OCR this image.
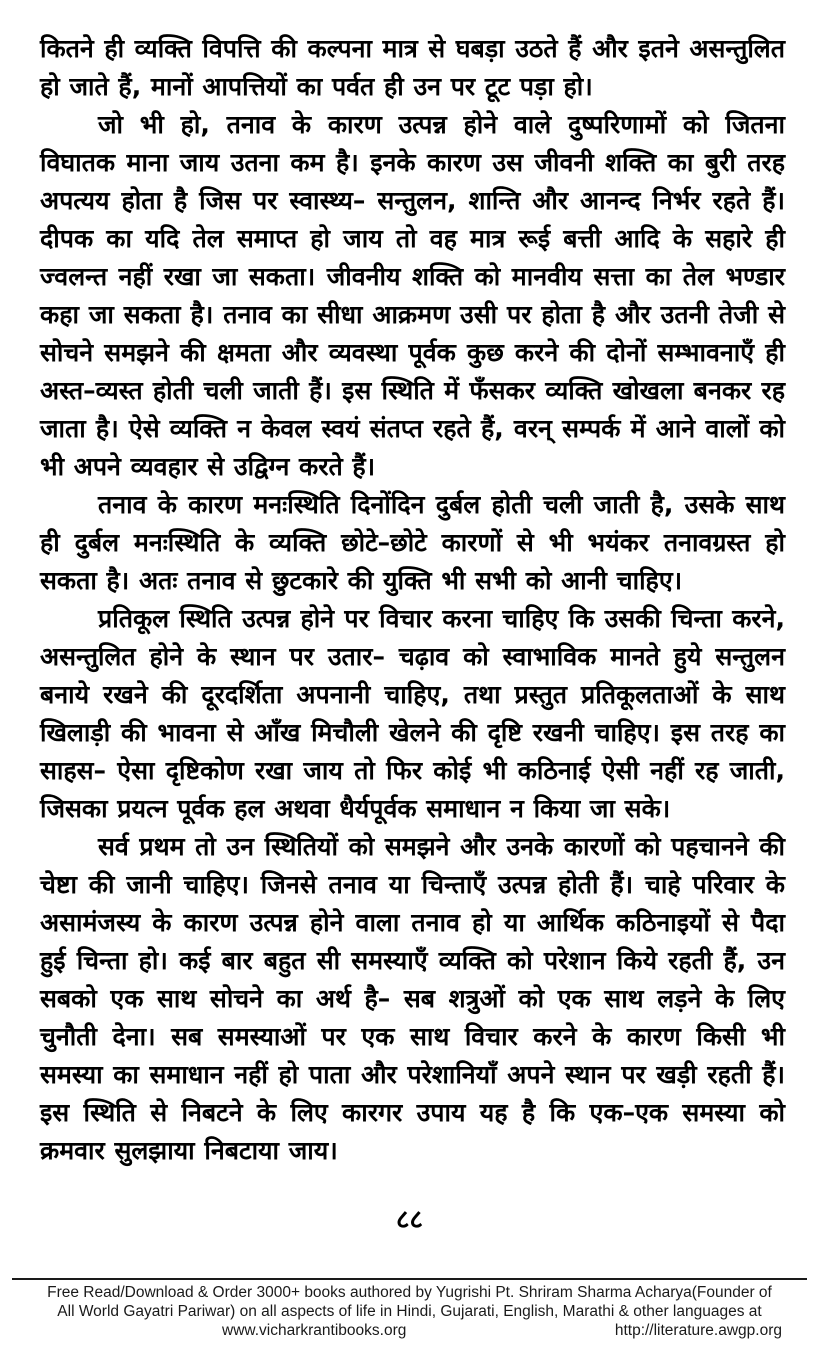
कितने ही व्यक्ति विपत्ति की कल्पना मात्र से घबड़ा उठते हैं और इतने असन्तुलित हो जाते हैं, मानों आपत्तियों का पर्वत ही उन पर टूट पड़ा हो।

जो भी हो, तनाव के कारण उत्पन्न होने वाले दुष्परिणामों को जितना विघातक माना जाय उतना कम है। इनके कारण उस जीवनी शक्ति का बुरी तरह अपत्यय होता है जिस पर स्वास्थ्य– सन्तुलन, शान्ति और आनन्द निर्भर रहते हैं। दीपक का यदि तेल समाप्त हो जाय तो वह मात्र रूई बत्ती आदि के सहारे ही ज्वलन्त नहीं रखा जा सकता। जीवनीय शक्ति को मानवीय सत्ता का तेल भण्डार कहा जा सकता है। तनाव का सीधा आक्रमण उसी पर होता है और उतनी तेजी से सोचने समझने की क्षमता और व्यवस्था पूर्वक कुछ करने की दोनों सम्भावनाएँ ही अस्त–व्यस्त होती चली जाती हैं। इस स्थिति में फँसकर व्यक्ति खोखला बनकर रह जाता है। ऐसे व्यक्ति न केवल स्वयं संतप्त रहते हैं, वरन् सम्पर्क में आने वालों को भी अपने व्यवहार से उद्विग्न करते हैं।

तनाव के कारण मनःस्थिति दिनोंदिन दुर्बल होती चली जाती है, उसके साथ ही दुर्बल मनःस्थिति के व्यक्ति छोटे–छोटे कारणों से भी भयंकर तनावग्रस्त हो सकता है। अतः तनाव से छुटकारे की युक्ति भी सभी को आनी चाहिए।

प्रतिकूल स्थिति उत्पन्न होने पर विचार करना चाहिए कि उसकी चिन्ता करने, असन्तुलित होने के स्थान पर उतार– चढ़ाव को स्वाभाविक मानते हुये सन्तुलन बनाये रखने की दूरदर्शिता अपनानी चाहिए, तथा प्रस्तुत प्रतिकूलताओं के साथ खिलाड़ी की भावना से आँख मिचौली खेलने की दृष्टि रखनी चाहिए। इस तरह का साहस– ऐसा दृष्टिकोण रखा जाय तो फिर कोई भी कठिनाई ऐसी नहीं रह जाती, जिसका प्रयत्न पूर्वक हल अथवा धैर्यपूर्वक समाधान न किया जा सके।

सर्व प्रथम तो उन स्थितियों को समझने और उनके कारणों को पहचानने की चेष्टा की जानी चाहिए। जिनसे तनाव या चिन्ताएँ उत्पन्न होती हैं। चाहे परिवार के असामंजस्य के कारण उत्पन्न होने वाला तनाव हो या आर्थिक कठिनाइयों से पैदा हुई चिन्ता हो। कई बार बहुत सी समस्याएँ व्यक्ति को परेशान किये रहती हैं, उन सबको एक साथ सोचने का अर्थ है– सब शत्रुओं को एक साथ लड़ने के लिए चुनौती देना। सब समस्याओं पर एक साथ विचार करने के कारण किसी भी समस्या का समाधान नहीं हो पाता और परेशानियाँ अपने स्थान पर खड़ी रहती हैं। इस स्थिति से निबटने के लिए कारगर उपाय यह है कि एक–एक समस्या को क्रमवार सुलझाया निबटाया जाय।

८८
Free Read/Download & Order 3000+ books authored by Yugrishi Pt. Shriram Sharma Acharya(Founder of
All World Gayatri Pariwar) on all aspects of life in Hindi, Gujarati, English, Marathi & other languages at
www.vicharkrantibooks.org	http://literature.awgp.org
